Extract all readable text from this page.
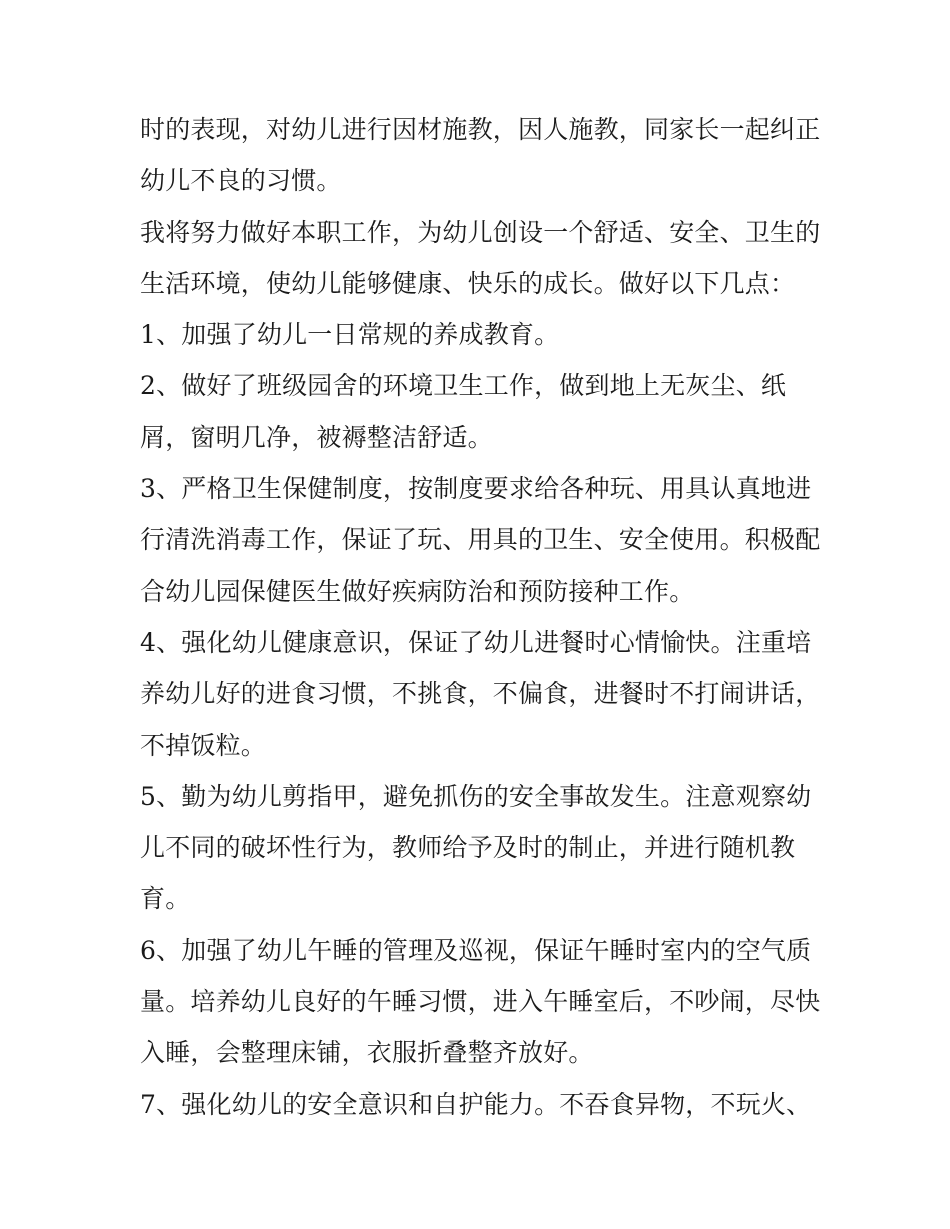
时的表现，对幼儿进行因材施教，因人施教，同家长一起纠正
幼儿不良的习惯。
我将努力做好本职工作，为幼儿创设一个舒适、安全、卫生的
生活环境，使幼儿能够健康、快乐的成长。做好以下几点：
1、加强了幼儿一日常规的养成教育。
2、做好了班级园舍的环境卫生工作，做到地上无灰尘、纸
屑，窗明几净，被褥整洁舒适。
3、严格卫生保健制度，按制度要求给各种玩、用具认真地进
行清洗消毒工作，保证了玩、用具的卫生、安全使用。积极配
合幼儿园保健医生做好疾病防治和预防接种工作。
4、强化幼儿健康意识，保证了幼儿进餐时心情愉快。注重培
养幼儿好的进食习惯，不挑食，不偏食，进餐时不打闹讲话，
不掉饭粒。
5、勤为幼儿剪指甲，避免抓伤的安全事故发生。注意观察幼
儿不同的破坏性行为，教师给予及时的制止，并进行随机教
育。
6、加强了幼儿午睡的管理及巡视，保证午睡时室内的空气质
量。培养幼儿良好的午睡习惯，进入午睡室后，不吵闹，尽快
入睡，会整理床铺，衣服折叠整齐放好。
7、强化幼儿的安全意识和自护能力。不吞食异物，不玩火、
